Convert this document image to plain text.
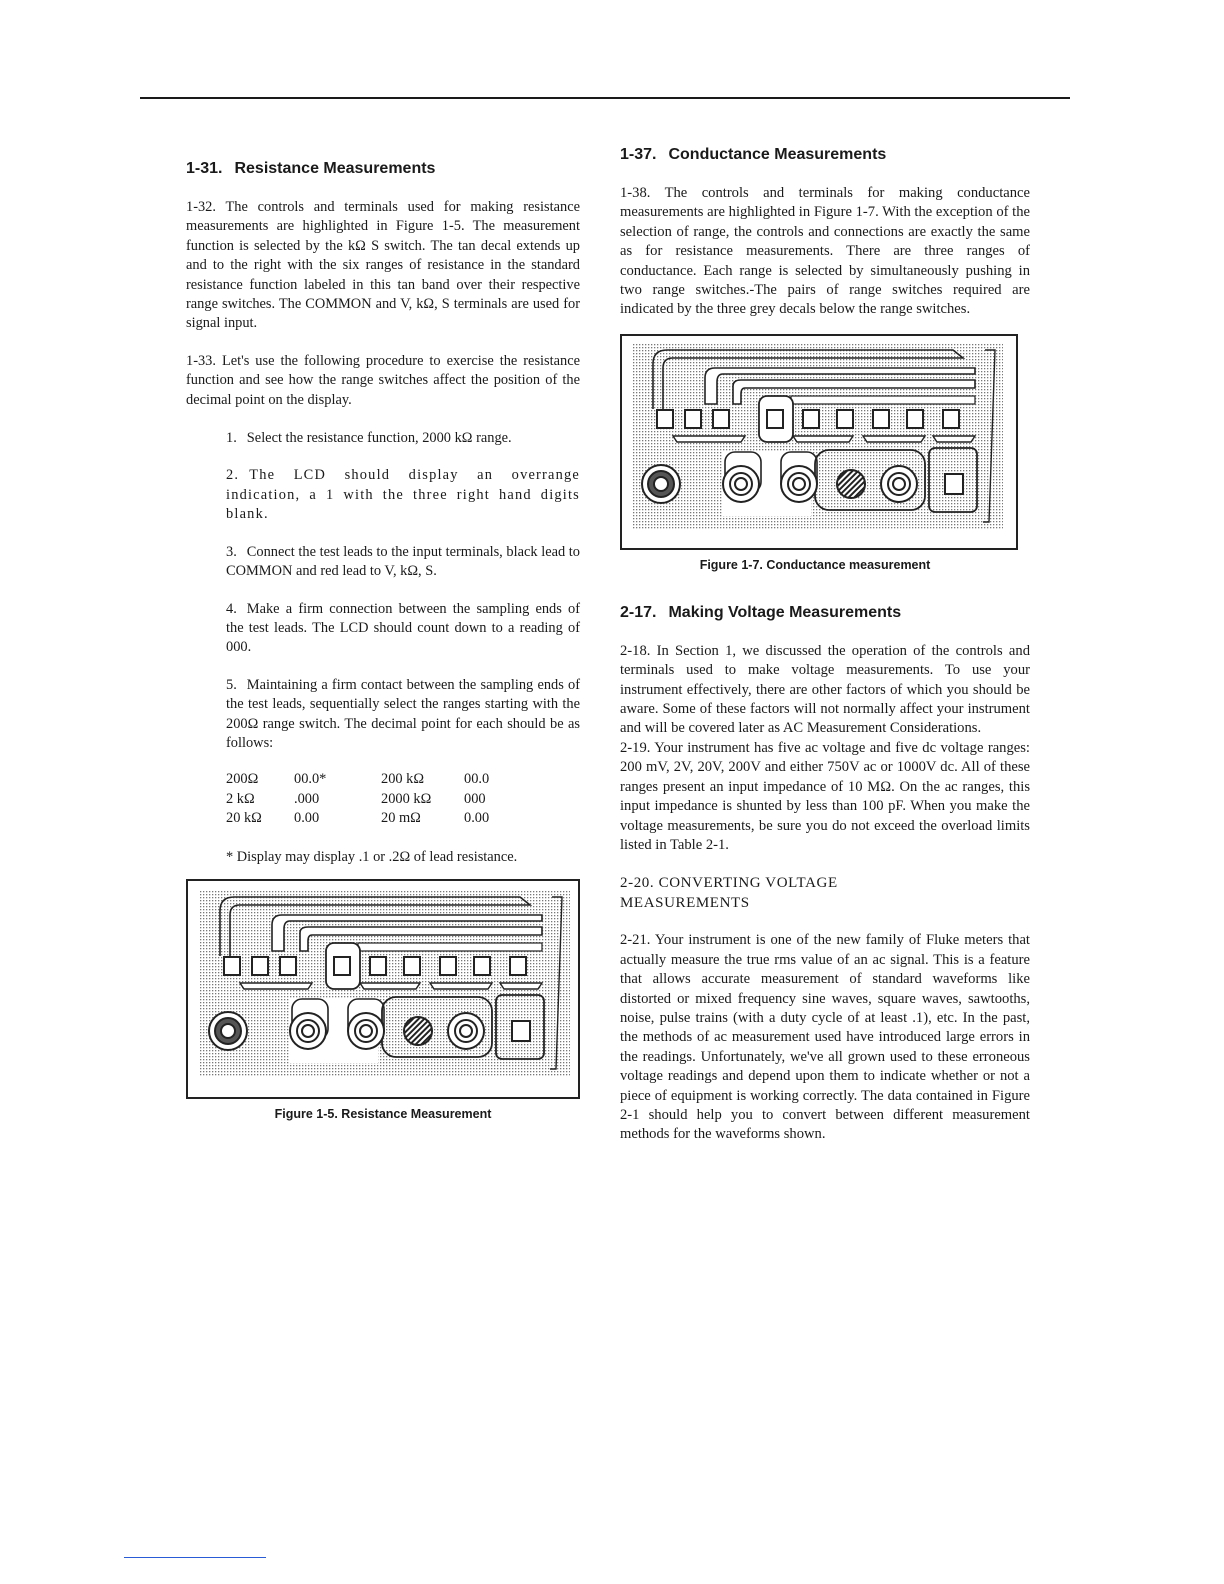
1-31. Resistance Measurements

1-32. The controls and terminals used for making resistance measurements are highlighted in Figure 1-5. The measurement function is selected by the kΩ S switch. The tan decal extends up and to the right with the six ranges of resistance in the standard resistance function labeled in this tan band over their respective range switches. The COMMON and V, kΩ, S terminals are used for signal input.

1-33. Let's use the following procedure to exercise the resistance function and see how the range switches affect the position of the decimal point on the display.

1. Select the resistance function, 2000 kΩ range.

2. The LCD should display an overrange indication, a 1 with the three right hand digits blank.

3. Connect the test leads to the input terminals, black lead to COMMON and red lead to V, kΩ, S.

4. Make a firm connection between the sampling ends of the test leads. The LCD should count down to a reading of 000.

5. Maintaining a firm contact between the sampling ends of the test leads, sequentially select the ranges starting with the 200Ω range switch. The decimal point for each should be as follows:

200Ω	00.0*	200 kΩ	00.0
2 kΩ	.000	2000 kΩ	000
20 kΩ	0.00	20 mΩ	0.00

* Display may display .1 or .2Ω of lead resistance.

Figure 1-5. Resistance Measurement
1-37. Conductance Measurements

1-38. The controls and terminals for making conductance measurements are highlighted in Figure 1-7. With the exception of the selection of range, the controls and connections are exactly the same as for resistance measurements. There are three ranges of conductance. Each range is selected by simultaneously pushing in two range switches.-The pairs of range switches required are indicated by the three grey decals below the range switches.

Figure 1-7. Conductance measurement
2-17. Making Voltage Measurements

2-18. In Section 1, we discussed the operation of the controls and terminals used to make voltage measurements. To use your instrument effectively, there are other factors of which you should be aware. Some of these factors will not normally affect your instrument and will be covered later as AC Measurement Considerations.

2-19. Your instrument has five ac voltage and five dc voltage ranges: 200 mV, 2V, 20V, 200V and either 750V ac or 1000V dc. All of these ranges present an input impedance of 10 MΩ. On the ac ranges, this input impedance is shunted by less than 100 pF. When you make the voltage measurements, be sure you do not exceed the overload limits listed in Table 2-1.

2-20. CONVERTING VOLTAGE
MEASUREMENTS

2-21. Your instrument is one of the new family of Fluke meters that actually measure the true rms value of an ac signal. This is a feature that allows accurate measurement of standard waveforms like distorted or mixed frequency sine waves, square waves, sawtooths, noise, pulse trains (with a duty cycle of at least .1), etc. In the past, the methods of ac measurement used have introduced large errors in the readings. Unfortunately, we've all grown used to these erroneous voltage readings and depend upon them to indicate whether or not a piece of equipment is working correctly. The data contained in Figure 2-1 should help you to convert between different measurement methods for the waveforms shown.
